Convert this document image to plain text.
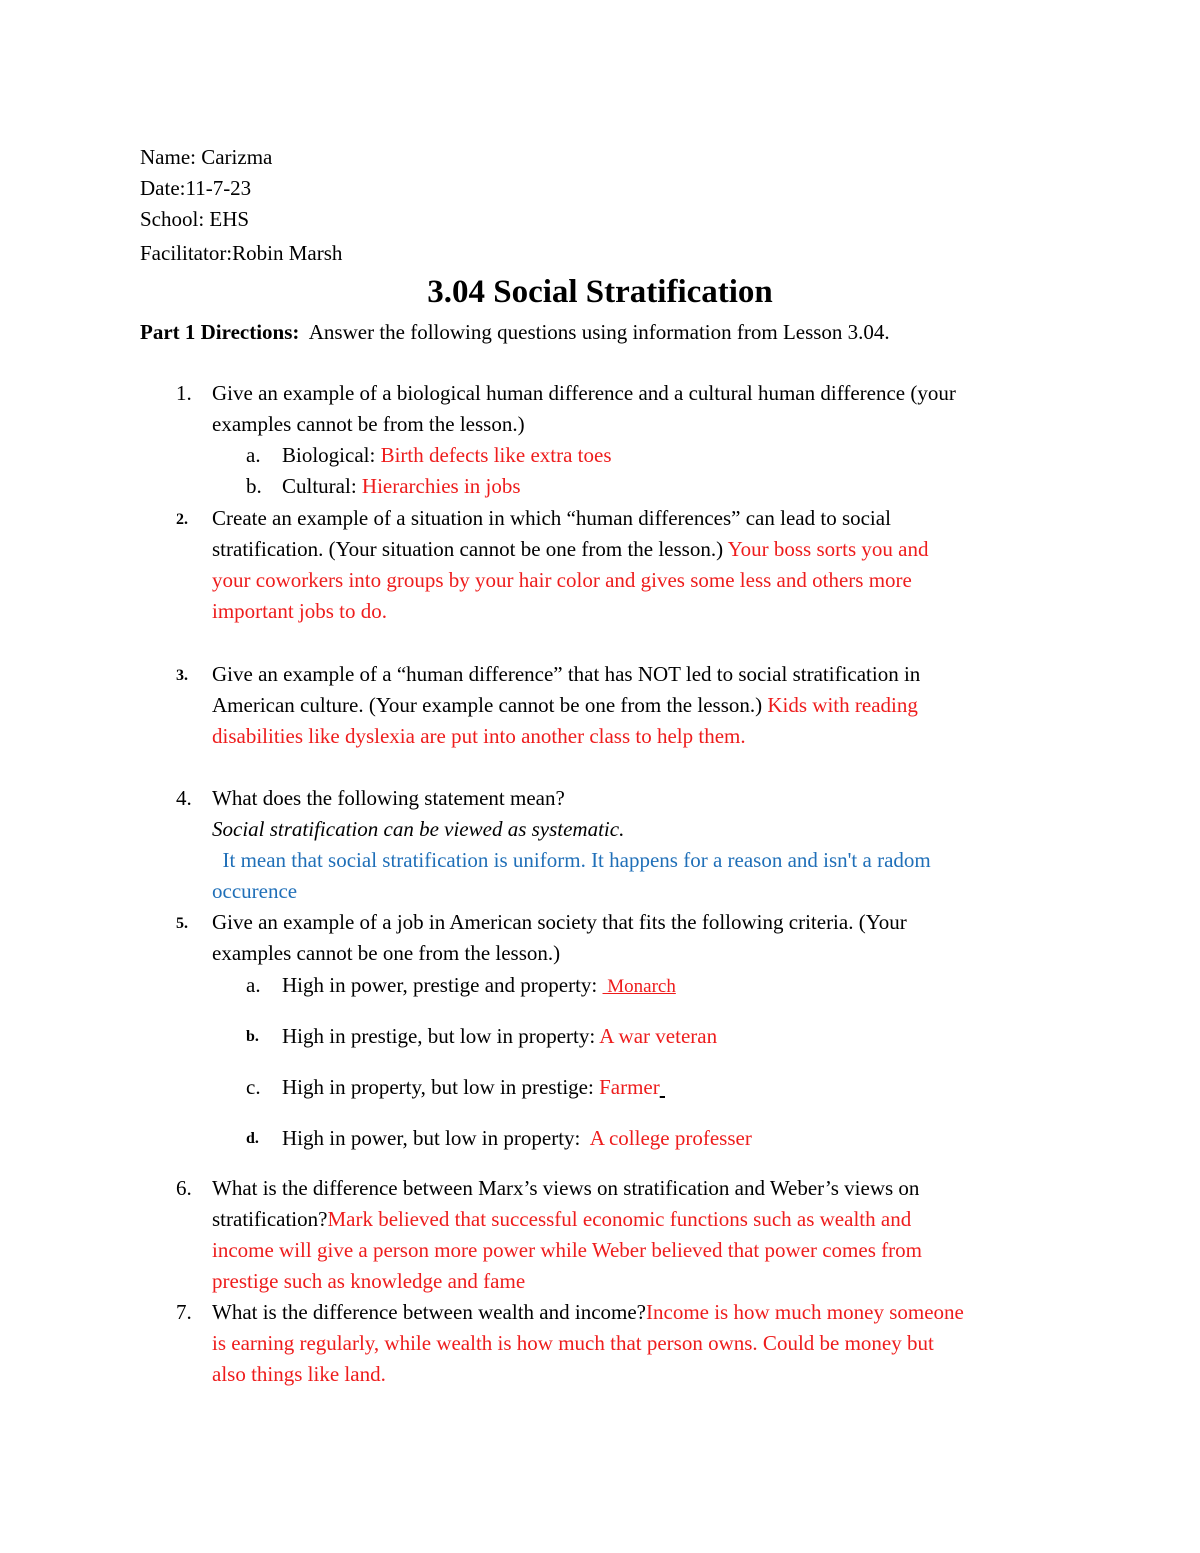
Name: Carizma
Date:11-7-23
School: EHS
Facilitator:Robin Marsh
3.04 Social Stratification
Part 1 Directions: Answer the following questions using information from Lesson 3.04.
1. Give an example of a biological human difference and a cultural human difference (your
examples cannot be from the lesson.)
a.	Biological: Birth defects like extra toes
b. Cultural: Hierarchies in jobs
2.	Create an example of a situation in which “human differences” can lead to social
stratification. (Your situation cannot be one from the lesson.) Your boss sorts you and
your coworkers into groups by your hair color and gives some less and others more
important jobs to do.
3.	Give an example of a “human difference” that has NOT led to social stratification in
American culture. (Your example cannot be one from the lesson.) Kids with reading
disabilities like dyslexia are put into another class to help them.
4. What does the following statement mean?
Social stratification can be viewed as systematic.
It mean that social stratification is uniform. It happens for a reason and isn't a radom
occurence
5.	Give an example of a job in American society that fits the following criteria. (Your
examples cannot be one from the lesson.)
a.	High in power, prestige and property:  Monarch
b.	High in prestige, but low in property: A war veteran
c.	High in property, but low in prestige: Farmer
d.	High in power, but low in property:  A college professer
6. What is the difference between Marx’s views on stratification and Weber’s views on
stratification?Mark believed that successful economic functions such as wealth and
income will give a person more power while Weber believed that power comes from
prestige such as knowledge and fame
7. What is the difference between wealth and income?Income is how much money someone
is earning regularly, while wealth is how much that person owns. Could be money but
also things like land.
